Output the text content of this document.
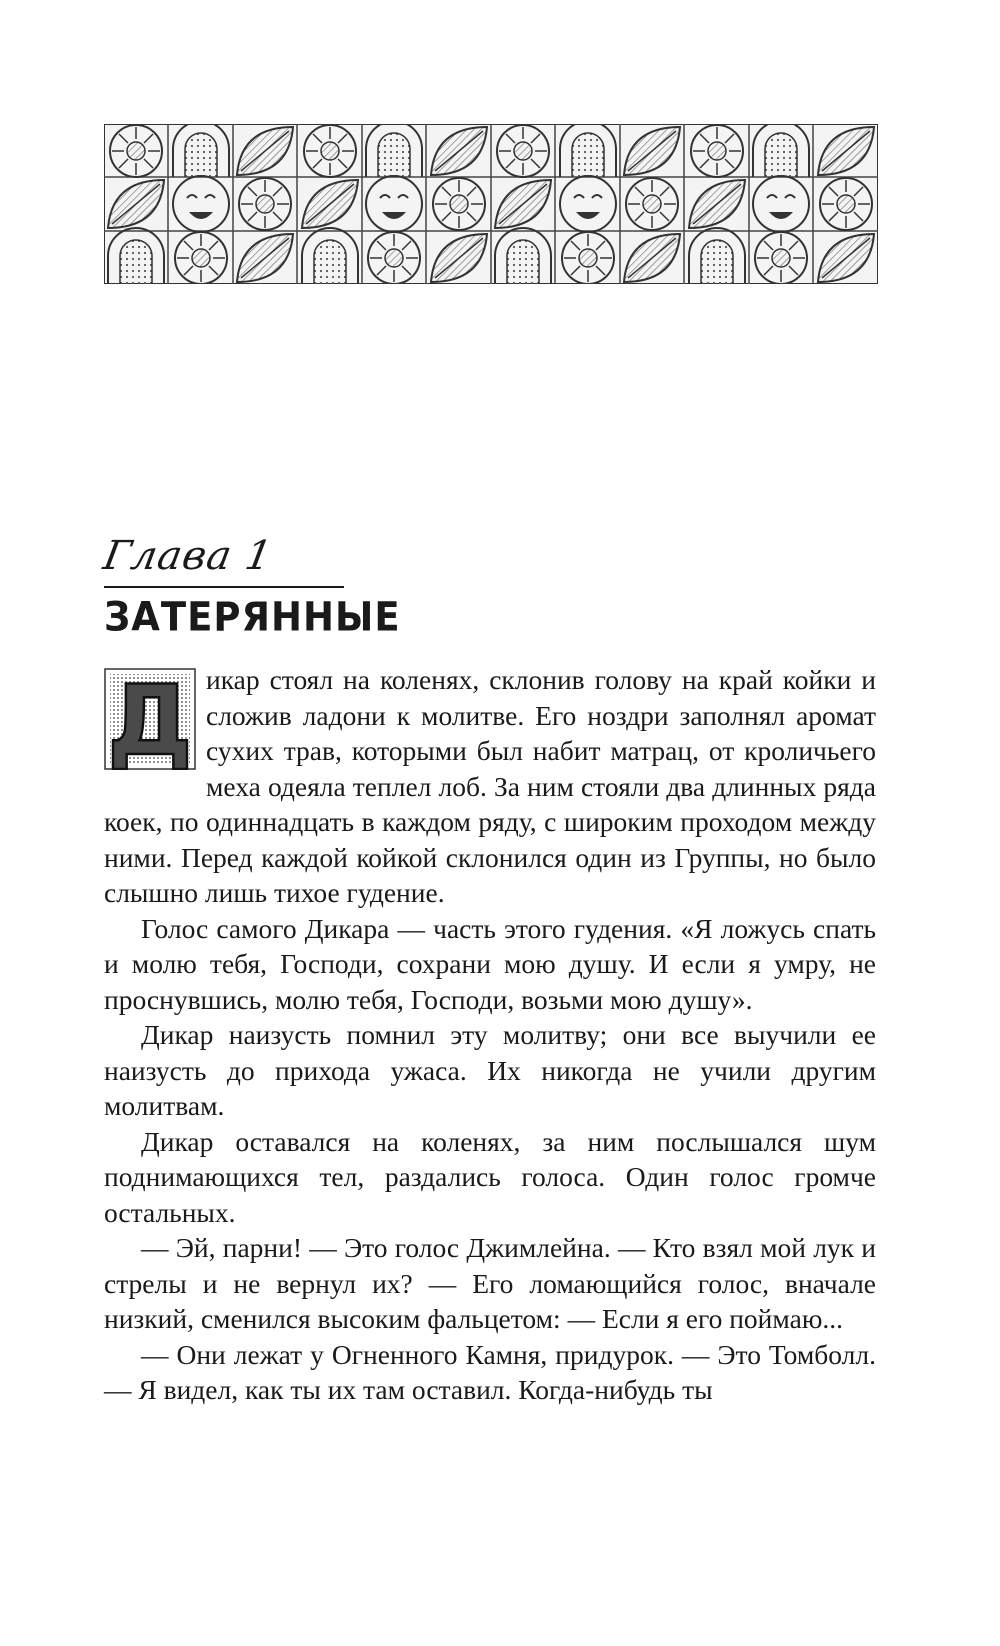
Глава 1
ЗАТЕРЯННЫЕ
Д икар стоял на коленях, склонив голову на край койки и сложив ладони к молитве. Его ноздри заполнял аромат сухих трав, которыми был набит матрац, от кроличьего меха одеяла теплел лоб. За ним стояли два длинных ряда коек, по одиннадцать в каждом ряду, с широким проходом между ними. Перед каждой койкой склонился один из Группы, но было слышно лишь тихое гудение.

Голос самого Дикара — часть этого гудения. «Я ложусь спать и молю тебя, Господи, сохрани мою душу. И если я умру, не проснувшись, молю тебя, Господи, возьми мою душу».

Дикар наизусть помнил эту молитву; они все выучили ее наизусть до прихода ужаса. Их никогда не учили другим молитвам.

Дикар оставался на коленях, за ним послышался шум поднимающихся тел, раздались голоса. Один голос громче остальных.

— Эй, парни! — Это голос Джимлейна. — Кто взял мой лук и стрелы и не вернул их? — Его ломающийся голос, вначале низкий, сменился высоким фальцетом: — Если я его поймаю...

— Они лежат у Огненного Камня, придурок. — Это Томболл. — Я видел, как ты их там оставил. Когда-нибудь ты
